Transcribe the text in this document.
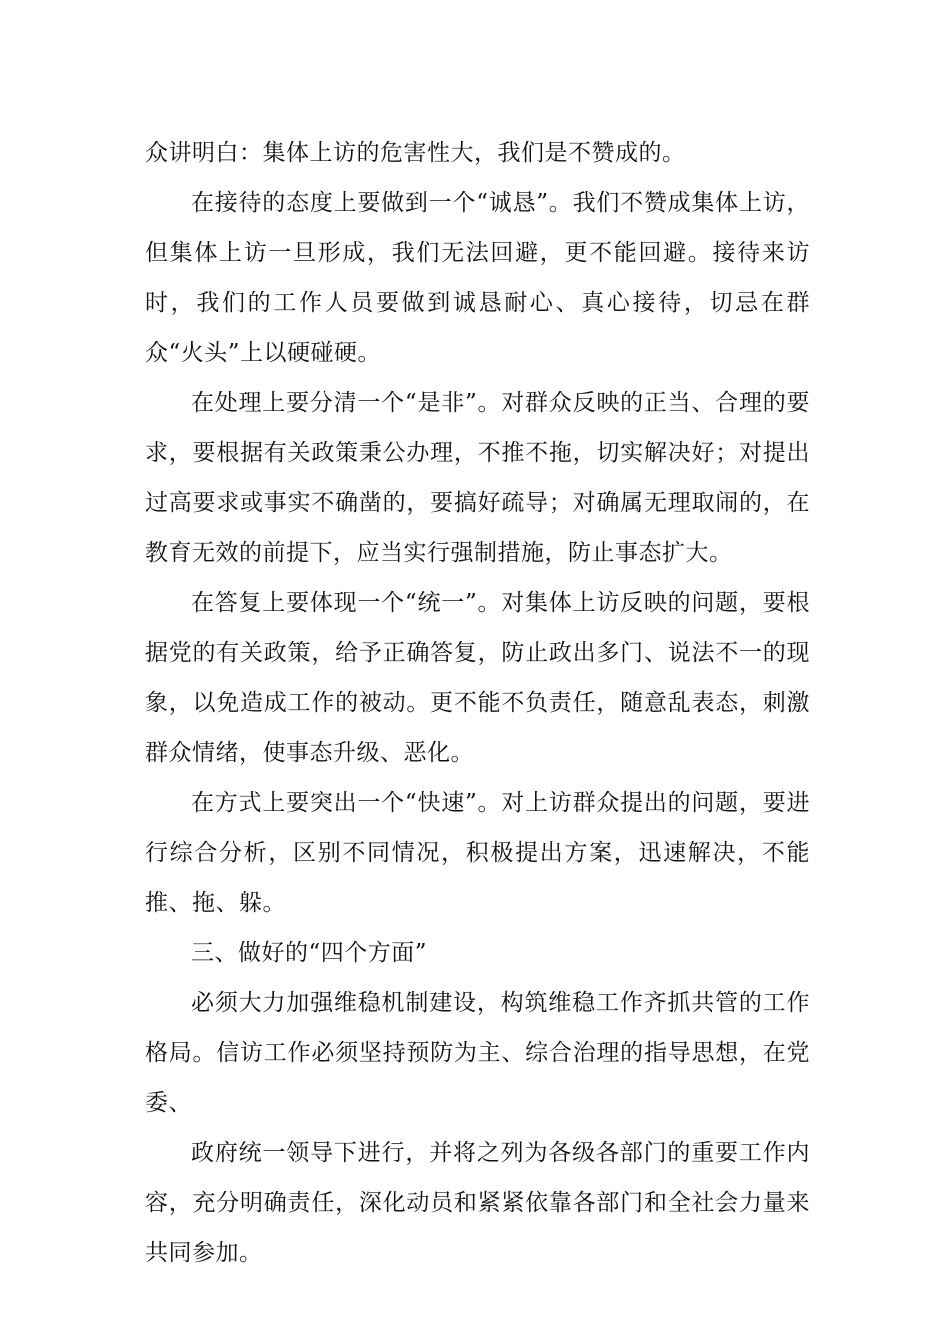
众讲明白：集体上访的危害性大，我们是不赞成的。

在接待的态度上要做到一个“诚恳”。我们不赞成集体上访，但集体上访一旦形成，我们无法回避，更不能回避。接待来访时，我们的工作人员要做到诚恳耐心、真心接待，切忌在群众“火头”上以硬碰硬。

在处理上要分清一个“是非”。对群众反映的正当、合理的要求，要根据有关政策秉公办理，不推不拖，切实解决好；对提出过高要求或事实不确凿的，要搞好疏导；对确属无理取闹的，在教育无效的前提下，应当实行强制措施，防止事态扩大。

在答复上要体现一个“统一”。对集体上访反映的问题，要根据党的有关政策，给予正确答复，防止政出多门、说法不一的现象，以免造成工作的被动。更不能不负责任，随意乱表态，刺激群众情绪，使事态升级、恶化。

在方式上要突出一个“快速”。对上访群众提出的问题，要进行综合分析，区别不同情况，积极提出方案，迅速解决，不能推、拖、躲。

三、做好的“四个方面”

必须大力加强维稳机制建设，构筑维稳工作齐抓共管的工作格局。信访工作必须坚持预防为主、综合治理的指导思想，在党委、

政府统一领导下进行，并将之列为各级各部门的重要工作内容，充分明确责任，深化动员和紧紧依靠各部门和全社会力量来共同参加。
